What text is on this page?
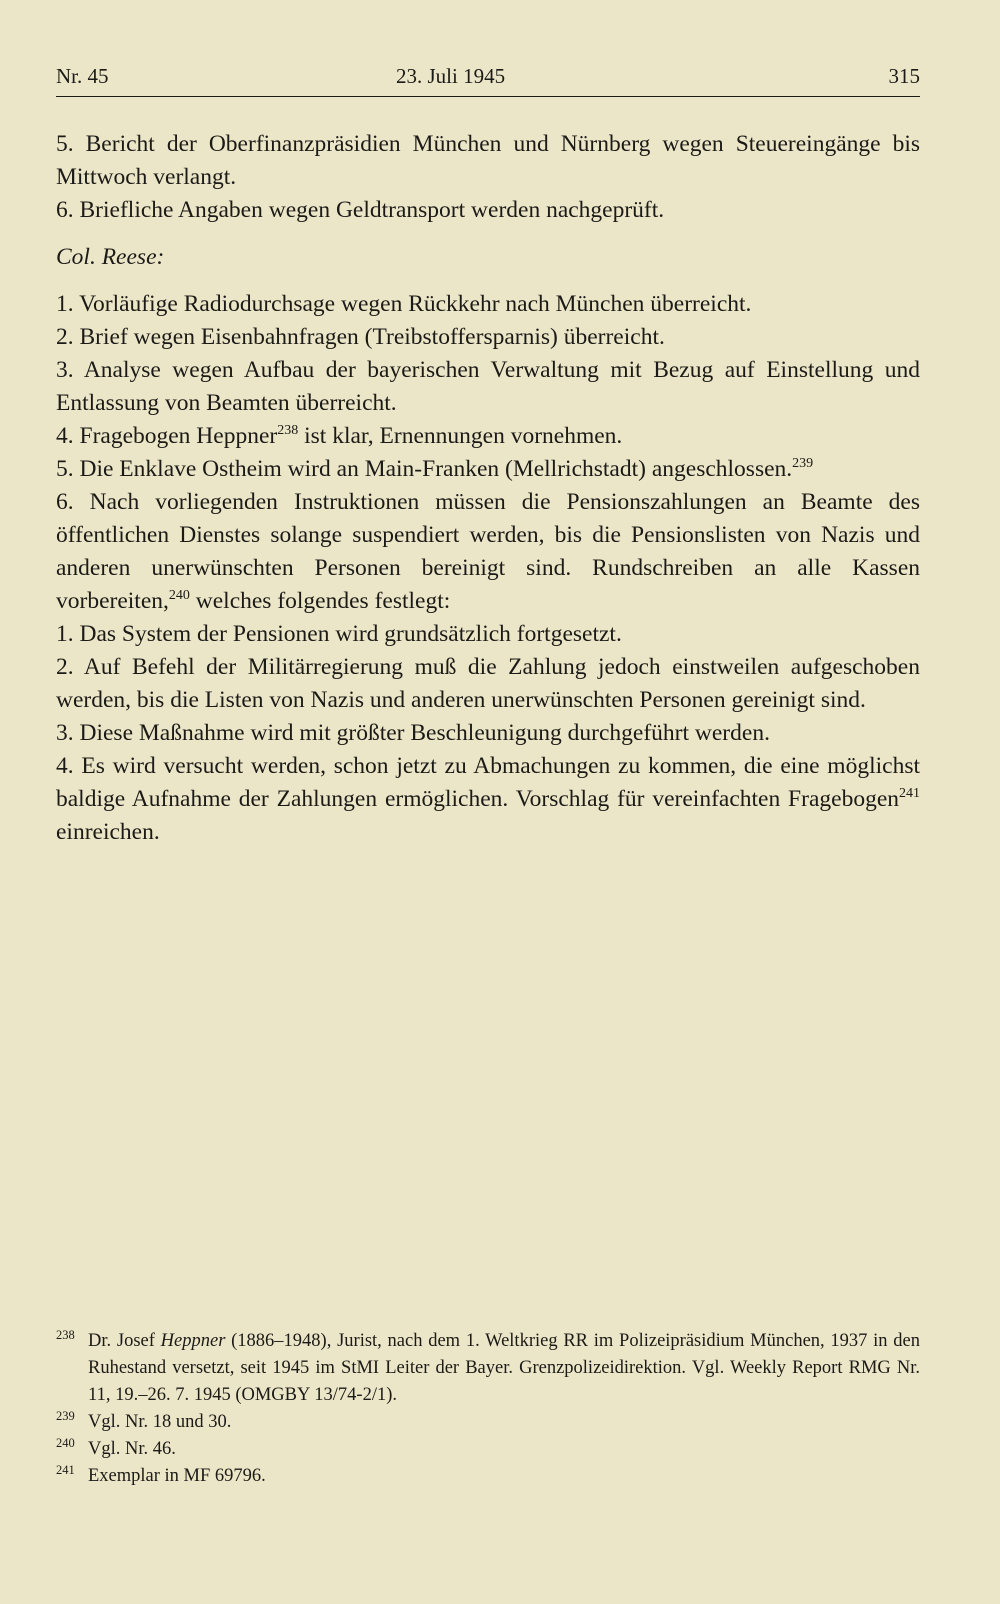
Nr. 45	23. Juli 1945	315

5. Bericht der Oberfinanzpräsidien München und Nürnberg wegen Steuereingänge bis Mittwoch verlangt.

6. Briefliche Angaben wegen Geldtransport werden nachgeprüft.

Col. Reese:

1. Vorläufige Radiodurchsage wegen Rückkehr nach München überreicht.

2. Brief wegen Eisenbahnfragen (Treibstoffersparnis) überreicht.

3. Analyse wegen Aufbau der bayerischen Verwaltung mit Bezug auf Einstellung und Entlassung von Beamten überreicht.

4. Fragebogen Heppner$^{238}$ ist klar, Ernennungen vornehmen.

5. Die Enklave Ostheim wird an Main-Franken (Mellrichstadt) angeschlossen.$^{239}$

6. Nach vorliegenden Instruktionen müssen die Pensionszahlungen an Beamte des öffentlichen Dienstes solange suspendiert werden, bis die Pensionslisten von Nazis und anderen unerwünschten Personen bereinigt sind. Rundschreiben an alle Kassen vorbereiten,$^{240}$ welches folgendes festlegt:

1. Das System der Pensionen wird grundsätzlich fortgesetzt.

2. Auf Befehl der Militärregierung muß die Zahlung jedoch einstweilen aufgeschoben werden, bis die Listen von Nazis und anderen unerwünschten Personen gereinigt sind.

3. Diese Maßnahme wird mit größter Beschleunigung durchgeführt werden.

4. Es wird versucht werden, schon jetzt zu Abmachungen zu kommen, die eine möglichst baldige Aufnahme der Zahlungen ermöglichen. Vorschlag für vereinfachten Fragebogen$^{241}$ einreichen.

238 Dr. Josef Heppner (1886–1948), Jurist, nach dem 1. Weltkrieg RR im Polizeipräsidium München, 1937 in den Ruhestand versetzt, seit 1945 im StMI Leiter der Bayer. Grenzpolizeidirektion. Vgl. Weekly Report RMG Nr. 11, 19.–26. 7. 1945 (OMGBY 13/74-2/1).
239 Vgl. Nr. 18 und 30.
240 Vgl. Nr. 46.
241 Exemplar in MF 69796.
